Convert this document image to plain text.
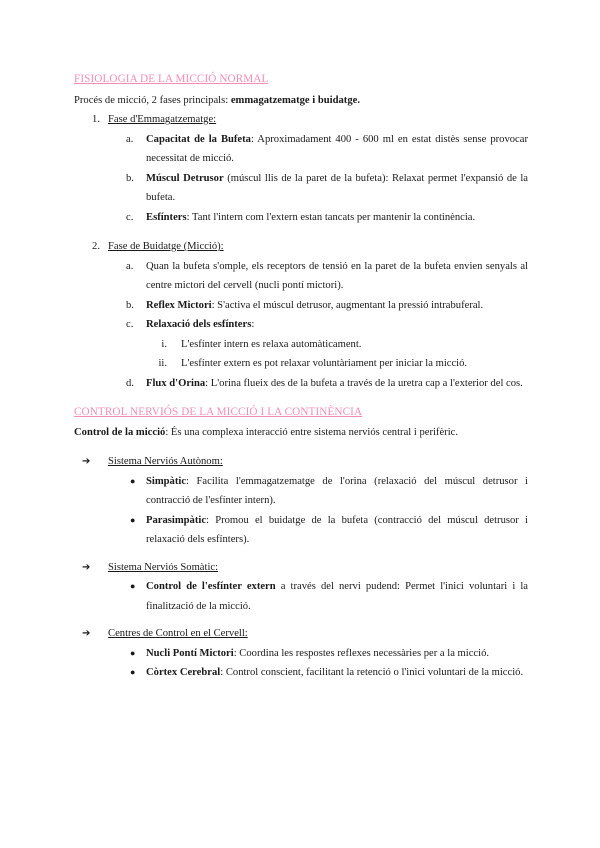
FISIOLOGIA DE LA MICCIÓ NORMAL

Procés de micció, 2 fases principals: emmagatzematge i buidatge.

1. Fase d'Emmagatzematge:
a.	Capacitat de la Bufeta: Aproximadament 400 - 600 ml en estat distès sense provocar necessitat de micció.
b.	Múscul Detrusor (múscul llis de la paret de la bufeta): Relaxat permet l'expansió de la bufeta.
c.	Esfínters: Tant l'intern com l'extern estan tancats per mantenir la continència.
2. Fase de Buidatge (Micció):
a.	Quan la bufeta s'omple, els receptors de tensió en la paret de la bufeta envien senyals al centre mictori del cervell (nucli pontí mictori).
b.	Reflex Mictori: S'activa el múscul detrusor, augmentant la pressió intrabuferal.
c.	Relaxació dels esfínters:
i.	L'esfínter intern es relaxa automàticament.
ii.	L'esfínter extern es pot relaxar voluntàriament per iniciar la micció.
d.	Flux d'Orina: L'orina flueix des de la bufeta a través de la uretra cap a l'exterior del cos.

CONTROL NERVIÓS DE LA MICCIÓ I LA CONTINÈNCIA

Control de la micció: És una complexa interacció entre sistema nerviós central i perifèric.

➔	Sistema Nerviós Autònom:
● Simpàtic: Facilita l'emmagatzematge de l'orina (relaxació del múscul detrusor i contracció de l'esfínter intern).
● Parasimpàtic: Promou el buidatge de la bufeta (contracció del múscul detrusor i relaxació dels esfínters).
➔	Sistema Nerviós Somàtic:
● Control de l'esfínter extern a través del nervi pudend: Permet l'inici voluntari i la finalització de la micció.
➔	Centres de Control en el Cervell:
● Nucli Pontí Mictori: Coordina les respostes reflexes necessàries per a la micció.
● Còrtex Cerebral: Control conscient, facilitant la retenció o l'inici voluntari de la micció.
